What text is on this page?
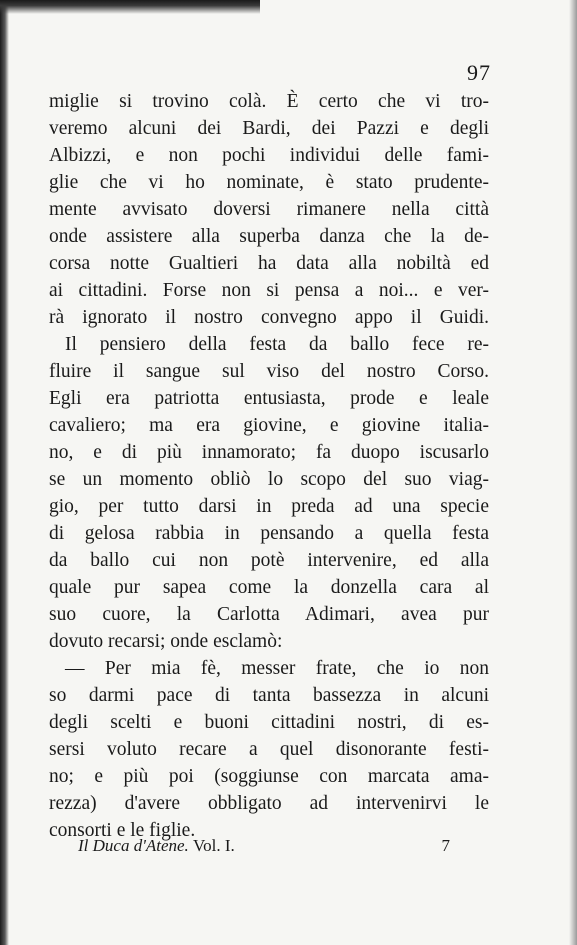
97
miglie si trovino colà. È certo che vi tro-
veremo alcuni dei Bardi, dei Pazzi e degli
Albizzi, e non pochi individui delle fami-
glie che vi ho nominate, è stato prudente-
mente avvisato doversi rimanere nella città
onde assistere alla superba danza che la de-
corsa notte Gualtieri ha data alla nobiltà ed
ai cittadini. Forse non si pensa a noi... e ver-
rà ignorato il nostro convegno appo il Guidi.
Il pensiero della festa da ballo fece re-
fluire il sangue sul viso del nostro Corso.
Egli era patriotta entusiasta, prode e leale
cavaliero; ma era giovine, e giovine italia-
no, e di più innamorato; fa duopo iscusarlo
se un momento obliò lo scopo del suo viag-
gio, per tutto darsi in preda ad una specie
di gelosa rabbia in pensando a quella festa
da ballo cui non potè intervenire, ed alla
quale pur sapea come la donzella cara al
suo cuore, la Carlotta Adimari, avea pur
dovuto recarsi; onde esclamò:
— Per mia fè, messer frate, che io non
so darmi pace di tanta bassezza in alcuni
degli scelti e buoni cittadini nostri, di es-
sersi voluto recare a quel disonorante festi-
no; e più poi (soggiunse con marcata ama-
rezza) d'avere obbligato ad intervenirvi le
consorti e le figlie.
Il Duca d'Atene. Vol. I.	7
